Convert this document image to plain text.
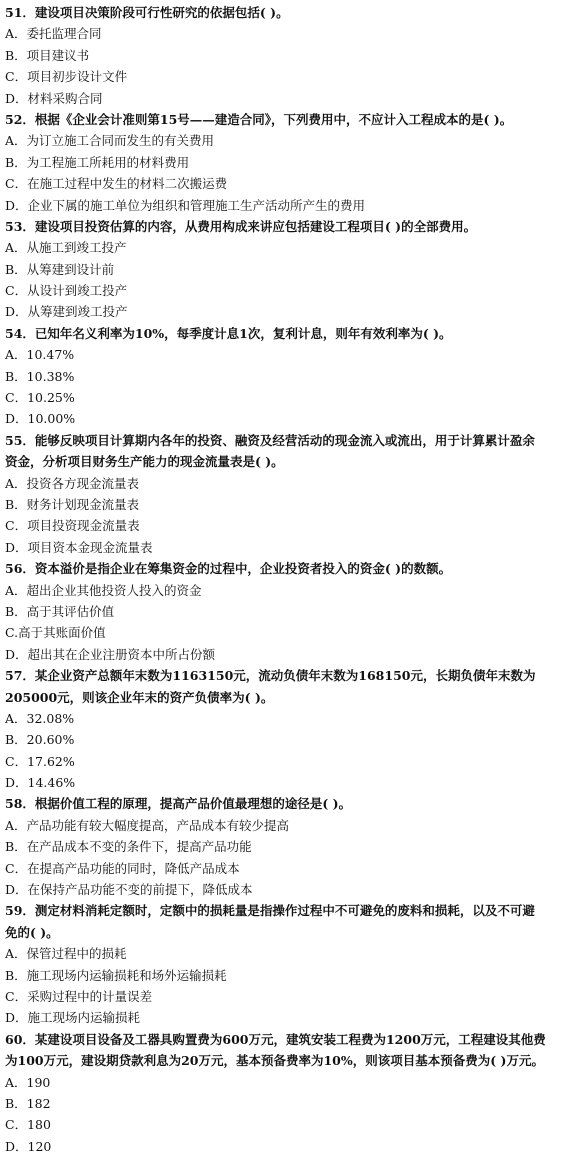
51．建设项目决策阶段可行性研究的依据包括( )。
A．委托监理合同
B．项目建议书
C．项目初步设计文件
D．材料采购合同
52．根据《企业会计准则第15号——建造合同》，下列费用中，不应计入工程成本的是( )。
A．为订立施工合同而发生的有关费用
B．为工程施工所耗用的材料费用
C．在施工过程中发生的材料二次搬运费
D．企业下属的施工单位为组织和管理施工生产活动所产生的费用
53．建设项目投资估算的内容，从费用构成来讲应包括建设工程项目( )的全部费用。
A．从施工到竣工投产
B．从筹建到设计前
C．从设计到竣工投产
D．从筹建到竣工投产
54．已知年名义利率为10%，每季度计息1次，复利计息，则年有效利率为( )。
A．10.47%
B．10.38%
C．10.25%
D．10.00%
55．能够反映项目计算期内各年的投资、融资及经营活动的现金流入或流出，用于计算累计盈余
资金，分析项目财务生产能力的现金流量表是( )。
A．投资各方现金流量表
B．财务计划现金流量表
C．项目投资现金流量表
D．项目资本金现金流量表
56．资本溢价是指企业在筹集资金的过程中，企业投资者投入的资金( )的数额。
A．超出企业其他投资人投入的资金
B．高于其评估价值
C.高于其账面价值
D．超出其在企业注册资本中所占份额
57．某企业资产总额年末数为1163150元，流动负债年末数为168150元，长期负债年末数为
205000元，则该企业年末的资产负债率为( )。
A．32.08%
B．20.60%
C．17.62%
D．14.46%
58．根据价值工程的原理，提高产品价值最理想的途径是( )。
A．产品功能有较大幅度提高，产品成本有较少提高
B．在产品成本不变的条件下，提高产品功能
C．在提高产品功能的同时，降低产品成本
D．在保持产品功能不变的前提下，降低成本
59．测定材料消耗定额时，定额中的损耗量是指操作过程中不可避免的废料和损耗，以及不可避
免的( )。
A．保管过程中的损耗
B．施工现场内运输损耗和场外运输损耗
C．采购过程中的计量误差
D．施工现场内运输损耗
60．某建设项目设备及工器具购置费为600万元，建筑安装工程费为1200万元，工程建设其他费
为100万元，建设期贷款利息为20万元，基本预备费率为10%，则该项目基本预备费为( )万元。
A．190
B．182
C．180
D．120
